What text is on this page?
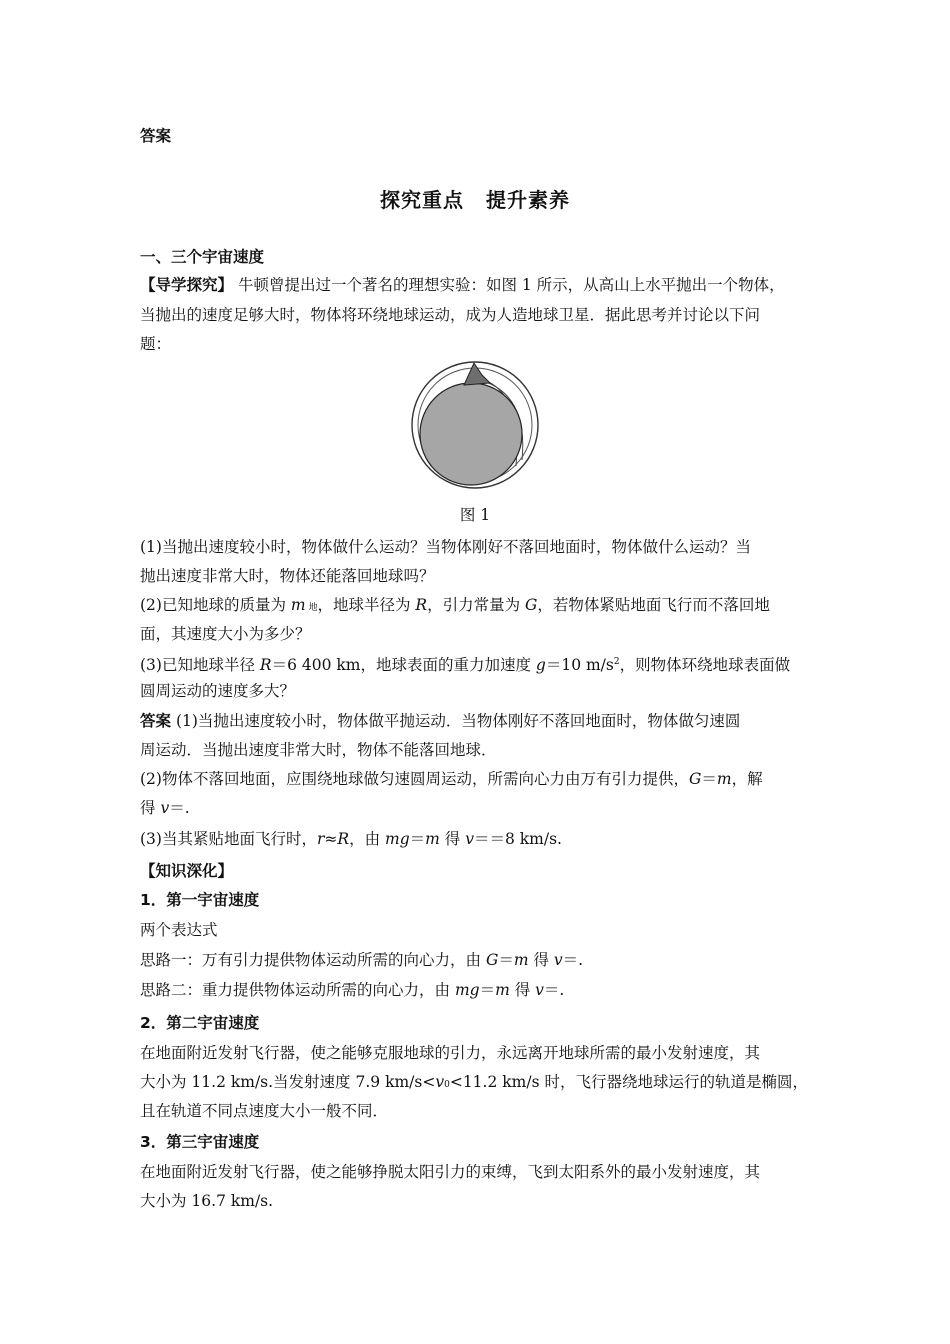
答案
探究重点 提升素养
一、三个宇宙速度
【导学探究】 牛顿曾提出过一个著名的理想实验：如图 1 所示，从高山上水平抛出一个物体，
当抛出的速度足够大时，物体将环绕地球运动，成为人造地球卫星．据此思考并讨论以下问
题：
图 1
(1)当抛出速度较小时，物体做什么运动？当物体刚好不落回地面时，物体做什么运动？当
抛出速度非常大时，物体还能落回地球吗？
(2)已知地球的质量为 m 地，地球半径为 R，引力常量为 G，若物体紧贴地面飞行而不落回地
面，其速度大小为多少？
(3)已知地球半径 R＝6 400 km，地球表面的重力加速度 g＝10 $m/s^2$，则物体环绕地球表面做
圆周运动的速度多大？
答案 (1)当抛出速度较小时，物体做平抛运动．当物体刚好不落回地面时，物体做匀速圆
周运动．当抛出速度非常大时，物体不能落回地球．
(2)物体不落回地面，应围绕地球做匀速圆周运动，所需向心力由万有引力提供，G＝m，解
得 v＝.
(3)当其紧贴地面飞行时，r≈R，由 mg＝m 得 v＝＝8 km/s.
【知识深化】
1．第一宇宙速度
两个表达式
思路一：万有引力提供物体运动所需的向心力，由 G＝m 得 v＝.
思路二：重力提供物体运动所需的向心力，由 mg＝m 得 v＝.
2．第二宇宙速度
在地面附近发射飞行器，使之能够克服地球的引力，永远离开地球所需的最小发射速度，其
大小为 11.2 km/s.当发射速度 7.9 km/s<v0<11.2 km/s 时，飞行器绕地球运行的轨道是椭圆，
且在轨道不同点速度大小一般不同．
3．第三宇宙速度
在地面附近发射飞行器，使之能够挣脱太阳引力的束缚，飞到太阳系外的最小发射速度，其
大小为 16.7 km/s.
